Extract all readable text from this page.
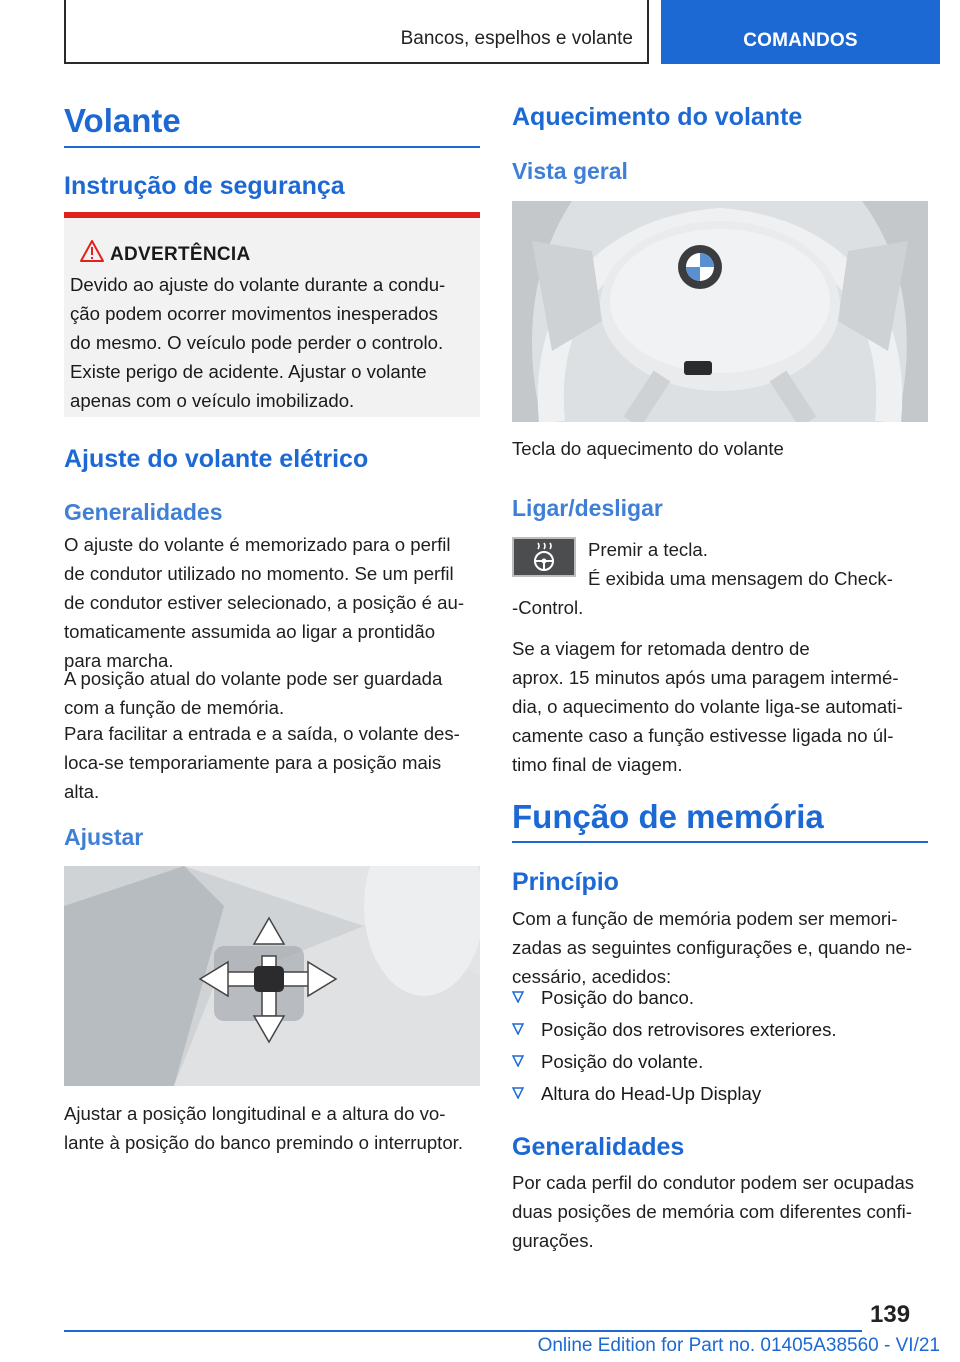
Bancos, espelhos e volante	COMANDOS
Volante
Instrução de segurança
ADVERTÊNCIA
Devido ao ajuste do volante durante a condu-
ção podem ocorrer movimentos inesperados
do mesmo. O veículo pode perder o controlo.
Existe perigo de acidente. Ajustar o volante
apenas com o veículo imobilizado.
Ajuste do volante elétrico
Generalidades
O ajuste do volante é memorizado para o perfil
de condutor utilizado no momento. Se um perfil
de condutor estiver selecionado, a posição é au-
tomaticamente assumida ao ligar a prontidão
para marcha.
A posição atual do volante pode ser guardada
com a função de memória.
Para facilitar a entrada e a saída, o volante des-
loca-se temporariamente para a posição mais
alta.
Ajustar
Ajustar a posição longitudinal e a altura do vo-
lante à posição do banco premindo o interruptor.
Aquecimento do volante
Vista geral
Tecla do aquecimento do volante
Ligar/desligar
Premir a tecla.
É exibida uma mensagem do Check-
-Control.
Se a viagem for retomada dentro de
aprox. 15 minutos após uma paragem intermé-
dia, o aquecimento do volante liga-se automati-
camente caso a função estivesse ligada no úl-
timo final de viagem.
Função de memória
Princípio
Com a função de memória podem ser memori-
zadas as seguintes configurações e, quando ne-
cessário, acedidos:
Posição do banco.
Posição dos retrovisores exteriores.
Posição do volante.
Altura do Head-Up Display
Generalidades
Por cada perfil do condutor podem ser ocupadas
duas posições de memória com diferentes confi-
gurações.
139
Online Edition for Part no. 01405A38560 - VI/21
